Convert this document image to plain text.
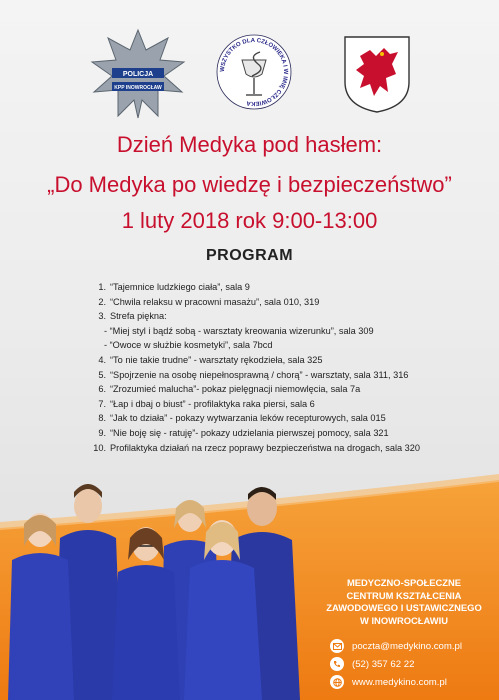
POLICJA
KPP INOWROCŁAW
WSZYSTKO DLA CZŁOWIEKA I W IMIĘ CZŁOWIEKA
Dzień Medyka pod hasłem:
„Do Medyka po wiedzę i bezpieczeństwo”
1 luty 2018 rok 9:00-13:00
PROGRAM
1. “Tajemnice ludzkiego ciała”, sala 9
2. “Chwila relaksu w pracowni masażu”, sala 010, 319
3. Strefa piękna:
- “Miej styl i bądź sobą - warsztaty kreowania wizerunku”, sala 309
- “Owoce w służbie kosmetyki”, sala 7bcd
4. “To nie takie trudne” - warsztaty rękodzieła, sala 325
5. “Spojrzenie na osobę niepełnosprawną / chorą” - warsztaty, sala 311, 316
6. “Zrozumieć malucha”- pokaz pielęgnacji niemowlęcia, sala 7a
7. “Łap i dbaj o biust” - profilaktyka raka piersi, sala 6
8. “Jak to działa” - pokazy wytwarzania leków recepturowych, sala 015
9. “Nie boję się - ratuję”- pokazy udzielania pierwszej pomocy, sala 321
10. Profilaktyka działań na rzecz poprawy bezpieczeństwa na drogach, sala 320
MEDYCZNO-SPOŁECZNE
CENTRUM KSZTAŁCENIA
ZAWODOWEGO I USTAWICZNEGO
W INOWROCŁAWIU
poczta@medykino.com.pl
(52) 357 62 22
www.medykino.com.pl
